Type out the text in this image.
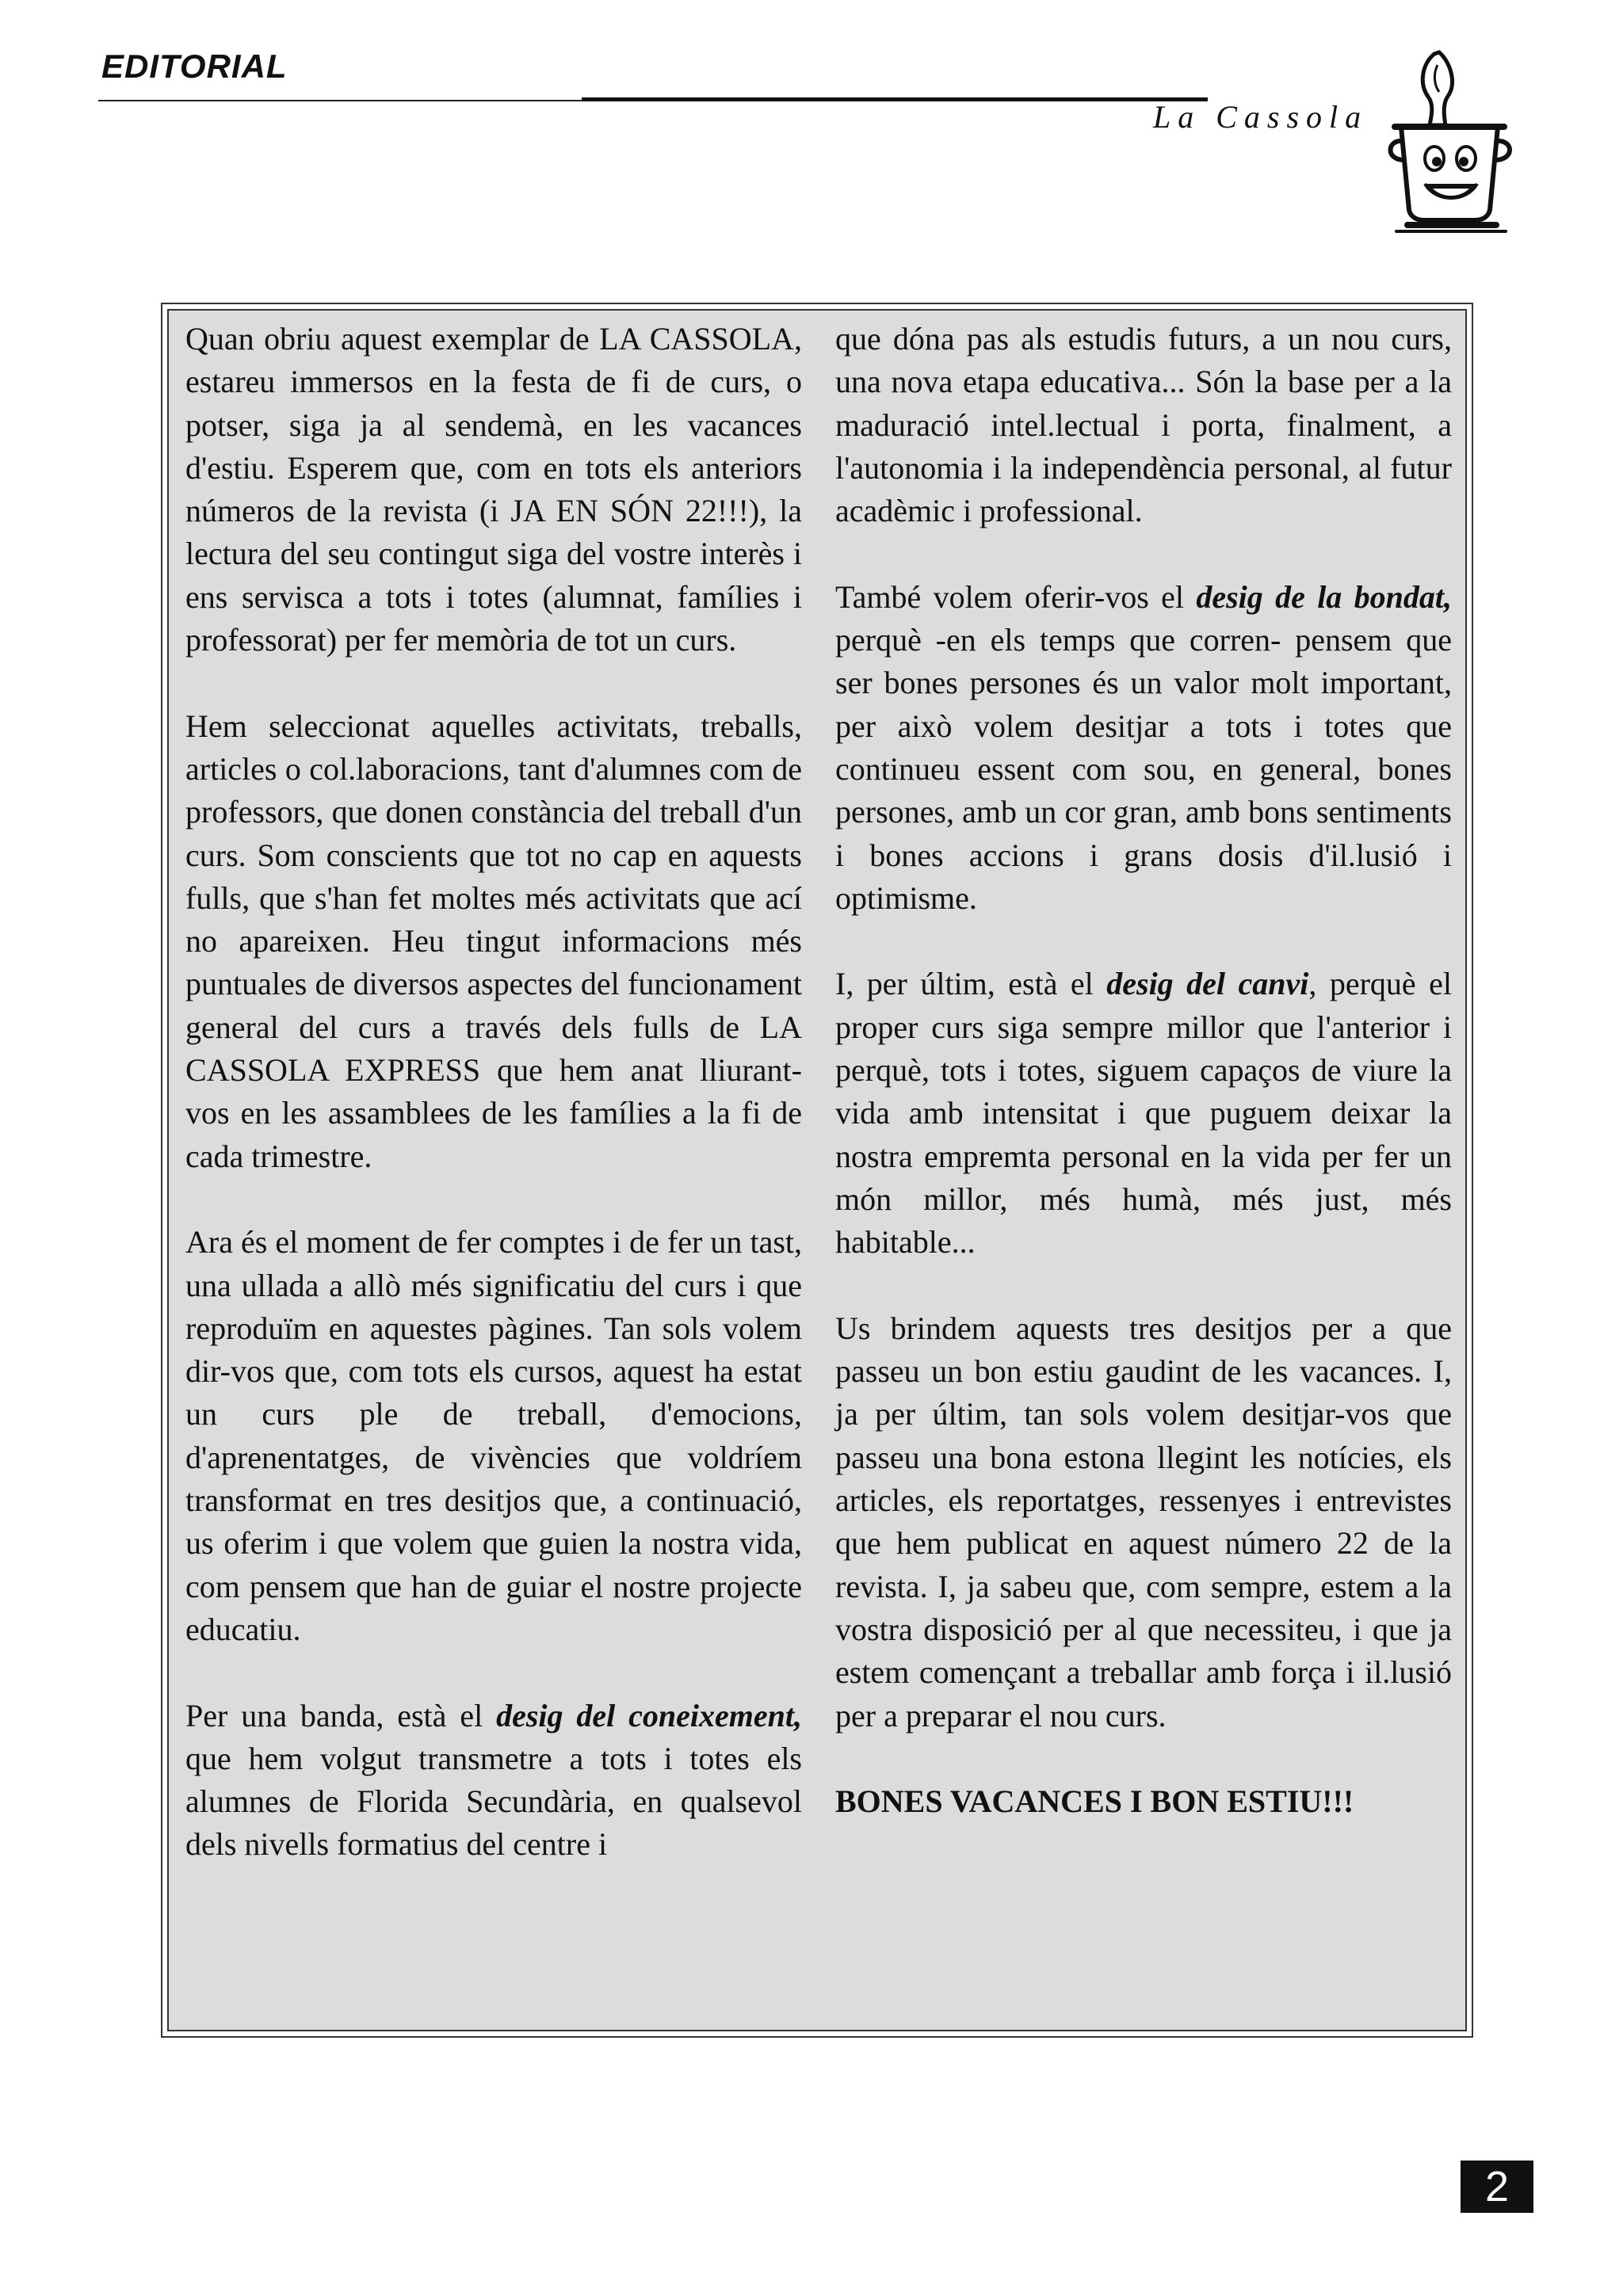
EDITORIAL
La Cassola

Quan obriu aquest exemplar de LA CASSOLA, estareu immersos en la festa de fi de curs, o potser, siga ja al sendemà, en les vacances d'estiu. Esperem que, com en tots els anteriors números de la revista (i JA EN SÓN 22!!!), la lectura del seu contingut siga del vostre interès i ens servisca a tots i totes (alumnat, famílies i professorat) per fer memòria de tot un curs.

Hem seleccionat aquelles activitats, treballs, articles o col.laboracions, tant d'alumnes com de professors, que donen constància del treball d'un curs. Som conscients que tot no cap en aquests fulls, que s'han fet moltes més activitats que ací no apareixen. Heu tingut informacions més puntuales de diversos aspectes del funcionament general del curs a través dels fulls de LA CASSOLA EXPRESS que hem anat lliurant-vos en les assamblees de les famílies a la fi de cada trimestre.

Ara és el moment de fer comptes i de fer un tast, una ullada a allò més significatiu del curs i que reproduïm en aquestes pàgines. Tan sols volem dir-vos que, com tots els cursos, aquest ha estat un curs ple de treball, d'emocions, d'aprenentatges, de vivències que voldríem transformat en tres desitjos que, a continuació, us oferim i que volem que guien la nostra vida, com pensem que han de guiar el nostre projecte educatiu.

Per una banda, està el desig del coneixement, que hem volgut transmetre a tots i totes els alumnes de Florida Secundària, en qualsevol dels nivells formatius del centre i

que dóna pas als estudis futurs, a un nou curs, una nova etapa educativa... Són la base per a la maduració intel.lectual i porta, finalment, a l'autonomia i la independència personal, al futur acadèmic i professional.

També volem oferir-vos el desig de la bondat, perquè -en els temps que corren- pensem que ser bones persones és un valor molt important, per això volem desitjar a tots i totes que continueu essent com sou, en general, bones persones, amb un cor gran, amb bons sentiments i bones accions i grans dosis d'il.lusió i optimisme.

I, per últim, està el desig del canvi, perquè el proper curs siga sempre millor que l'anterior i perquè, tots i totes, siguem capaços de viure la vida amb intensitat i que puguem deixar la nostra empremta personal en la vida per fer un món millor, més humà, més just, més habitable...

Us brindem aquests tres desitjos per a que passeu un bon estiu gaudint de les vacances. I, ja per últim, tan sols volem desitjar-vos que passeu una bona estona llegint les notícies, els articles, els reportatges, ressenyes i entrevistes que hem publicat en aquest número 22 de la revista. I, ja sabeu que, com sempre, estem a la vostra disposició per al que necessiteu, i que ja estem començant a treballar amb força i il.lusió per a preparar el nou curs.

BONES VACANCES I BON ESTIU!!!

2
